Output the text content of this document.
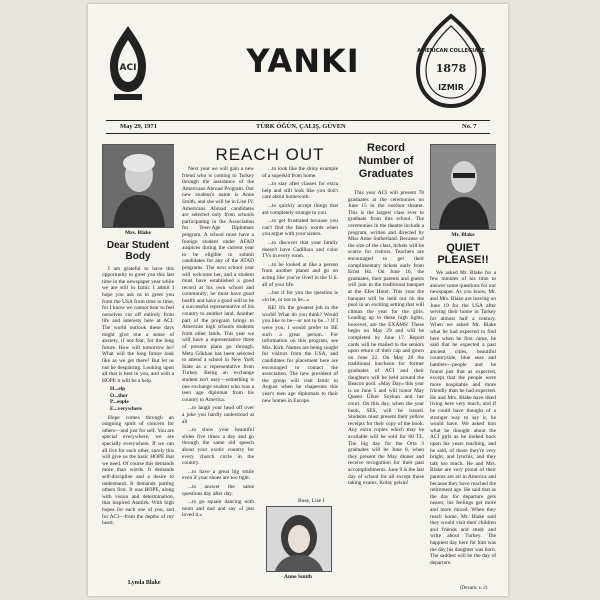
ACI	YANKI	AMERICAN COLLEGIATE
1878
IZMIR
May 29, 1971	TÜRK ÖĞÜN, ÇALIŞ, GÜVEN	No. 7
Mrs. Blake
Dear Student Body

I am grateful to have this opportunity to greet you this last time in the newspaper year while we are still in Izmir. I admit I hope you ask us to greet you from the USA from time to time, for I know we cannot bear to feel ourselves cut off entirely from life and interests here at ACI. The world outlook these days might give one a sense of anxiety, if not fear, for the long future. How will tomorrow be? What will the long future look like as we get there? But let us not be despairing. Looking upon all that is best in you, and with a HOPE it will be a help.

H...elp
O...ther
P...eople
E...verywhere

Hope comes through an outgoing spirit of concern for others—and just for self. You are special everywhere, we are specially everywhere. If we can all live for each other, surely this will give us the basic HOPE that we need. Of course this demands more than words. It demands self-discipline and a desire to understand. It demands putting others first. It was HOPE, along with vision and determination, that inspired Atatürk. With high hopes for each one of you, and for ACI—from the depths of my heart.

Lynda Blake
REACH OUT

Next year we will gain a new friend who is coming to Turkey through the assistance of the Americans Abroad Program. Our new student's name is Anne Smith, and she will be in Lise IV. Americans Abroad candidates are selected only from schools participating in the Association for Teen-Age Diplomats program. A school must have a foreign student under AFAD auspices during the current year to be eligible to submit candidates for any of the ATAD programs. The next school year will welcome her, and a student must have established a good record at his own school and community; he must have good health and have a good will to be a successful representative of his country to another land. Another part of the program brings to American high schools students from other lands. This year we will have a representative three of present plans go through. Meta Gökhan has been selected to attend a school in New York State as a representative from Turkey. Being an exchange student isn't easy—something is one exchange student who was a teen age diplomat from his country to America.

...to laugh your head off over a joke you hardly understood at all

...to show your beautiful slides five times a day and go through the same old speech about your exotic country for every church circle in the country.

...to have a great big smile even if your shoes are too tight.

...to answer the same questions day after day.

...to go square dancing with mom and dad and say «I just loved it.»

...to look like the shiny example of a superkid from home.

...to stay after classes for extra help and still look like you don't care about homework.

...to quickly accept things that are completely strange to you.

...to get frustrated because you can't find the fancy words when you argue with your sisters.

...to discover that your family doesn't have Cadillacs and color TVs in every room.

...to be looked at like a person from another planet and go on acting like you've lived in the U.S. all of your life.

...but if for you the question is «to be, or not to be...»

BE! It's the greatest job in the world! What do you think? Would you like to be—or not to be...? If I were you, I would prefer to BE such a great person. For information on this program, see Mrs. Kirk. Names are being sought for visitors from the USA, and candidates for placement here are encouraged to contact the association. The new president of the group will visit Izmir in August when he chaperons this year's teen age diplomats to their new homes in Europe.

Buse, Lise I
Anne Smith
Record Number of Graduates

This year ACI will present 78 graduates at the ceremonies on June 15 in the outdoor theater. This is the largest class ever to graduate from this school. The ceremonies in the theatre include a program, written and directed by Miss Anne Sutherland. Because of the size of the class, tickets will be scarce for visitors. Teachers are encouraged to get their complimentary tickets early from Ernst Hz. On June 16, the graduates, their parents and guests will join in the traditional banquet at the Efes Hotel. This year the banquet will be held out on the pool in an exciting setting that will climax the year for the girls. Leading up to these high lights, however, are the EXAMS! These begin on May 29 and will be completed by June 17. Report cards will be mailed to the seniors upon return of their cap and gown on June 22. On May 28 the traditional luncheon for former graduates of ACI and their daughters will be held around the Beacon pool. «May Day» this year is on June 5 and will honor May Queen Ülker Soykan and her court. On this day, when the year book, SES, will be issued. Students must present their yellow receipts for their copy of the book. Any extra copies which may be available will be sold for 60 TL. The big day for the Orta 3 graduates will be June 8, when they present the May dinner and receive recognition for their past accomplishments. June 9 is the last day of school for all except those taking exams. Kolay gelsin!

Mr. Blake
QUIET PLEASE!!

We asked Mr. Blake for a few minutes of his time to answer some questions for our newspaper. As you know, Mr. and Mrs. Blake are leaving on June 19 for the USA after serving their home in Turkey for almost half a century. When we asked Mr. Blake what he had expected to find here when he first came, he said that he expected a past ancient cities, beautiful countryside, blue seas and hamlets—people and he found just that as expected, except that the people were more hospitable and more friendly than he had expected. He and Mrs. Blake have liked living here very much, and if he could have thought of a stronger way to say it, he would have. We asked him what he thought about the ACI girls as he looked back upon his years teaching, and he said, of those they're very bright, and lynchis, and they talk too much. He and Mrs. Blake are very proud of their parents are all in America and because they have reached the retirement age. He said that as the day for departure gets nearer, his feelings get more and more mixed. When they reach home, Mr. Blake said they would visit their children and friends and study and write about Turkey. The happiest day here for him was the day his daughter was born. The saddest will be the day of departure.

(Devam: s. 2)
